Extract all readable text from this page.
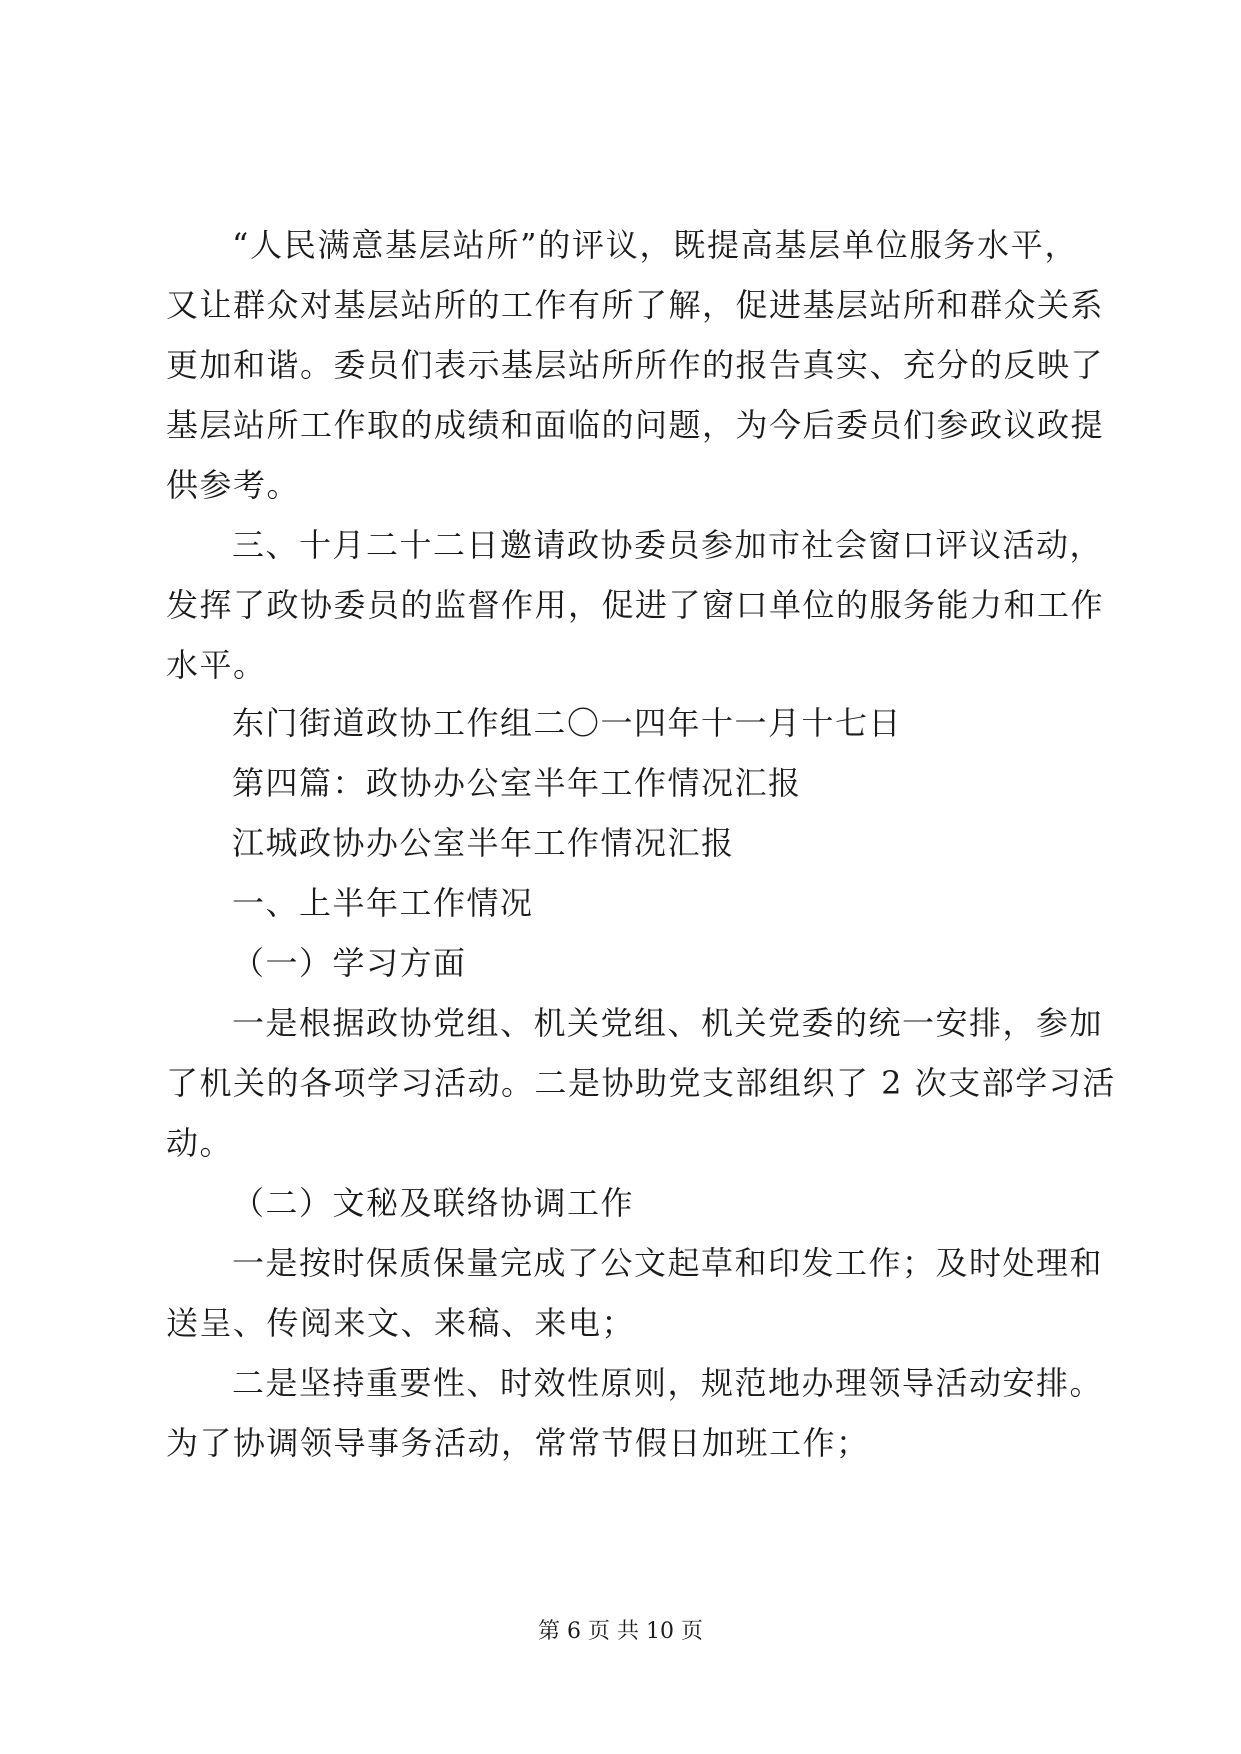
“人民满意基层站所”的评议，既提高基层单位服务水平，
又让群众对基层站所的工作有所了解，促进基层站所和群众关系
更加和谐。委员们表示基层站所所作的报告真实、充分的反映了
基层站所工作取的成绩和面临的问题，为今后委员们参政议政提
供参考。
三、十月二十二日邀请政协委员参加市社会窗口评议活动，
发挥了政协委员的监督作用，促进了窗口单位的服务能力和工作
水平。
东门街道政协工作组二〇一四年十一月十七日
第四篇：政协办公室半年工作情况汇报
江城政协办公室半年工作情况汇报
一、上半年工作情况
（一）学习方面
一是根据政协党组、机关党组、机关党委的统一安排，参加
了机关的各项学习活动。二是协助党支部组织了 2 次支部学习活
动。
（二）文秘及联络协调工作
一是按时保质保量完成了公文起草和印发工作；及时处理和
送呈、传阅来文、来稿、来电；
二是坚持重要性、时效性原则，规范地办理领导活动安排。
为了协调领导事务活动，常常节假日加班工作；
第 6 页 共 10 页
